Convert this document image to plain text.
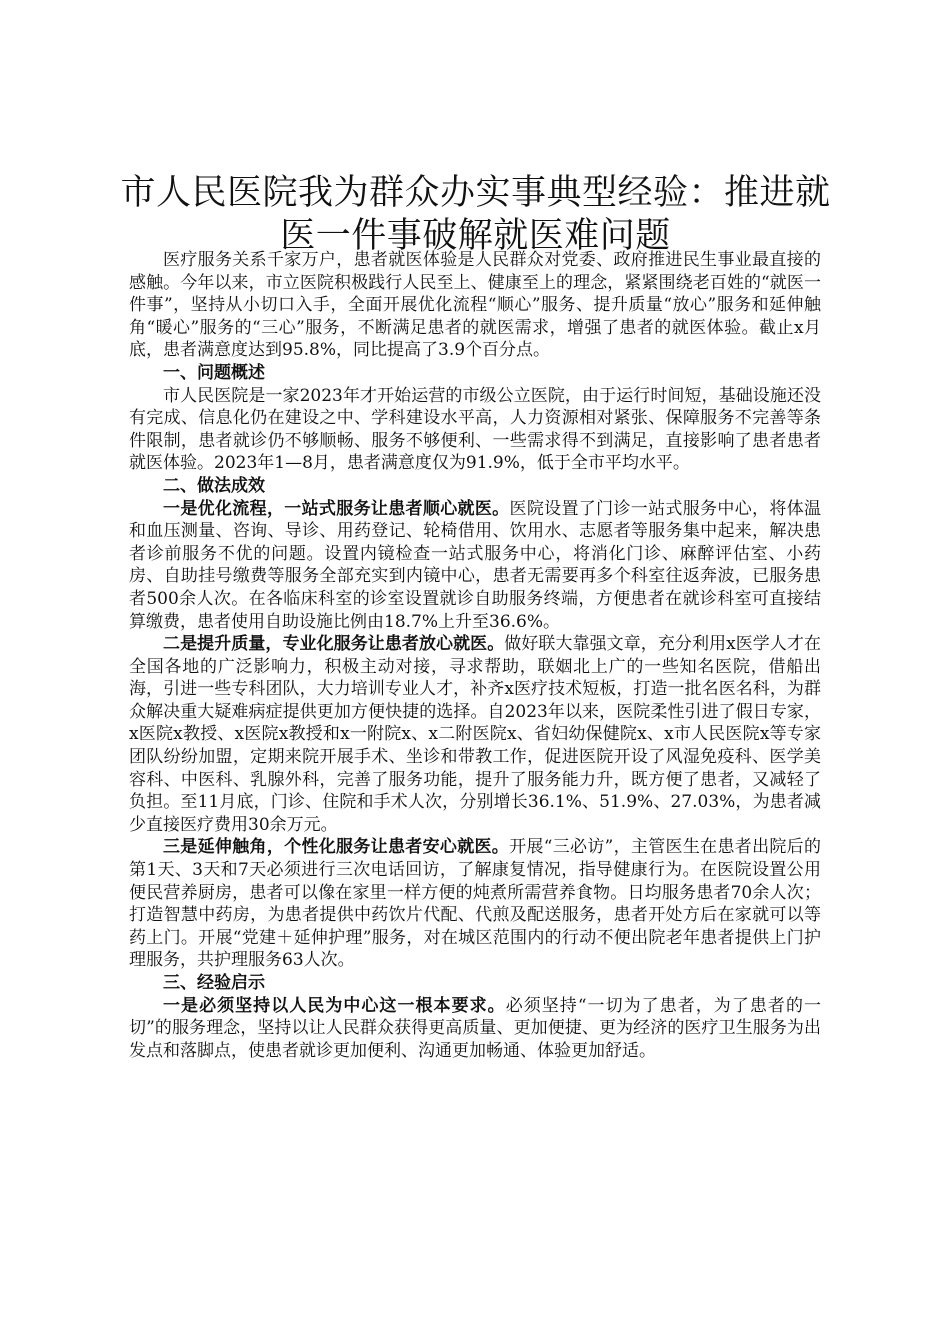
市人民医院我为群众办实事典型经验：推进就医一件事破解就医难问题

医疗服务关系千家万户，患者就医体验是人民群众对党委、政府推进民生事业最直接的感触。今年以来，市立医院积极践行人民至上、健康至上的理念，紧紧围绕老百姓的“就医一件事”，坚持从小切口入手，全面开展优化流程“顺心”服务、提升质量“放心”服务和延伸触角“暖心”服务的“三心”服务，不断满足患者的就医需求，增强了患者的就医体验。截止x月底，患者满意度达到95.8%，同比提高了3.9个百分点。

一、问题概述

市人民医院是一家2023年才开始运营的市级公立医院，由于运行时间短，基础设施还没有完成、信息化仍在建设之中、学科建设水平高，人力资源相对紧张、保障服务不完善等条件限制，患者就诊仍不够顺畅、服务不够便利、一些需求得不到满足，直接影响了患者患者就医体验。2023年1—8月，患者满意度仅为91.9%，低于全市平均水平。

二、做法成效

一是优化流程，一站式服务让患者顺心就医。医院设置了门诊一站式服务中心，将体温和血压测量、咨询、导诊、用药登记、轮椅借用、饮用水、志愿者等服务集中起来，解决患者诊前服务不优的问题。设置内镜检查一站式服务中心，将消化门诊、麻醉评估室、小药房、自助挂号缴费等服务全部充实到内镜中心，患者无需要再多个科室往返奔波，已服务患者500余人次。在各临床科室的诊室设置就诊自助服务终端，方便患者在就诊科室可直接结算缴费，患者使用自助设施比例由18.7%上升至36.6%。

二是提升质量，专业化服务让患者放心就医。做好联大靠强文章，充分利用x医学人才在全国各地的广泛影响力，积极主动对接，寻求帮助，联姻北上广的一些知名医院，借船出海，引进一些专科团队，大力培训专业人才，补齐x医疗技术短板，打造一批名医名科，为群众解决重大疑难病症提供更加方便快捷的选择。自2023年以来，医院柔性引进了假日专家，x医院x教授、x医院x教授和x一附院x、x二附医院x、省妇幼保健院x、x市人民医院x等专家团队纷纷加盟，定期来院开展手术、坐诊和带教工作，促进医院开设了风湿免疫科、医学美容科、中医科、乳腺外科，完善了服务功能，提升了服务能力升，既方便了患者，又减轻了负担。至11月底，门诊、住院和手术人次，分别增长36.1%、51.9%、27.03%，为患者减少直接医疗费用30余万元。

三是延伸触角，个性化服务让患者安心就医。开展“三必访”，主管医生在患者出院后的第1天、3天和7天必须进行三次电话回访，了解康复情况，指导健康行为。在医院设置公用便民营养厨房，患者可以像在家里一样方便的炖煮所需营养食物。日均服务患者70余人次；打造智慧中药房，为患者提供中药饮片代配、代煎及配送服务，患者开处方后在家就可以等药上门。开展“党建＋延伸护理”服务，对在城区范围内的行动不便出院老年患者提供上门护理服务，共护理服务63人次。

三、经验启示

一是必须坚持以人民为中心这一根本要求。必须坚持“一切为了患者，为了患者的一切”的服务理念，坚持以让人民群众获得更高质量、更加便捷、更为经济的医疗卫生服务为出发点和落脚点，使患者就诊更加便利、沟通更加畅通、体验更加舒适。
